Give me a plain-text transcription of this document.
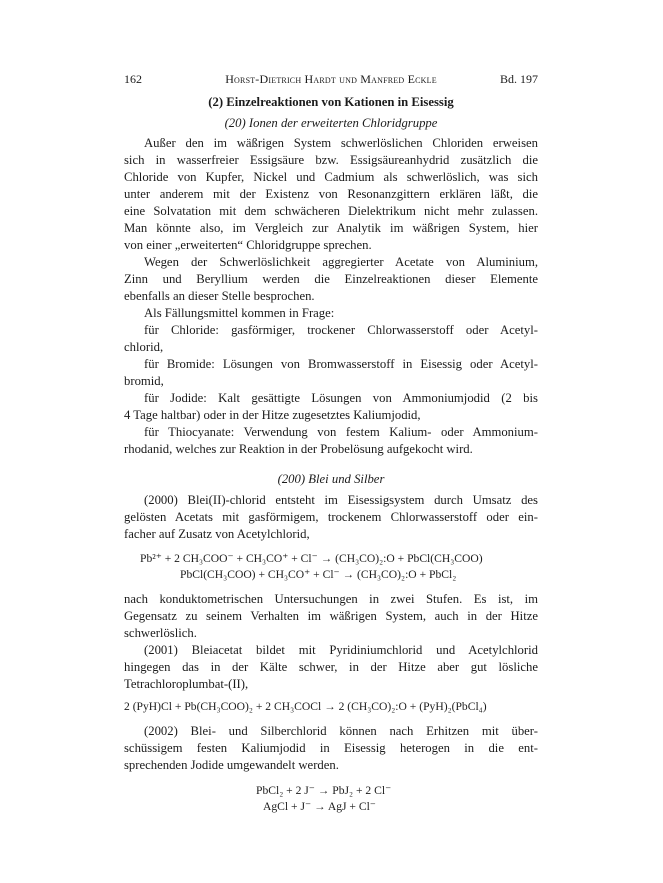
162	Horst-Dietrich Hardt und Manfred Eckle	Bd. 197
(2) Einzelreaktionen von Kationen in Eisessig
(20) Ionen der erweiterten Chloridgruppe
Außer den im wäßrigen System schwerlöslichen Chloriden erweisen
sich in wasserfreier Essigsäure bzw. Essigsäureanhydrid zusätzlich die
Chloride von Kupfer, Nickel und Cadmium als schwerlöslich, was sich
unter anderem mit der Existenz von Resonanzgittern erklären läßt, die
eine Solvatation mit dem schwächeren Dielektrikum nicht mehr zulassen.
Man könnte also, im Vergleich zur Analytik im wäßrigen System, hier
von einer „erweiterten“ Chloridgruppe sprechen.
Wegen der Schwerlöslichkeit aggregierter Acetate von Aluminium,
Zinn und Beryllium werden die Einzelreaktionen dieser Elemente
ebenfalls an dieser Stelle besprochen.
Als Fällungsmittel kommen in Frage:
für Chloride: gasförmiger, trockener Chlorwasserstoff oder Acetyl-
chlorid,
für Bromide: Lösungen von Bromwasserstoff in Eisessig oder Acetyl-
bromid,
für Jodide: Kalt gesättigte Lösungen von Ammoniumjodid (2 bis
4 Tage haltbar) oder in der Hitze zugesetztes Kaliumjodid,
für Thiocyanate: Verwendung von festem Kalium- oder Ammonium-
rhodanid, welches zur Reaktion in der Probelösung aufgekocht wird.
(200) Blei und Silber
(2000) Blei(II)-chlorid entsteht im Eisessigsystem durch Umsatz des
gelösten Acetats mit gasförmigem, trockenem Chlorwasserstoff oder ein-
facher auf Zusatz von Acetylchlorid,
Pb²⁺ + 2 CH₃COO⁻ + CH₃CO⁺ + Cl⁻ → (CH₃CO)₂:O + PbCl(CH₃COO)
PbCl(CH₃COO) + CH₃CO⁺ + Cl⁻ → (CH₃CO)₂:O + PbCl₂
nach konduktometrischen Untersuchungen in zwei Stufen. Es ist, im
Gegensatz zu seinem Verhalten im wäßrigen System, auch in der Hitze
schwerlöslich.
(2001) Bleiacetat bildet mit Pyridiniumchlorid und Acetylchlorid
hingegen das in der Kälte schwer, in der Hitze aber gut lösliche
Tetrachloroplumbat-(II),
2 (PyH)Cl + Pb(CH₃COO)₂ + 2 CH₃COCl → 2 (CH₃CO)₂:O + (PyH)₂(PbCl₄)
(2002) Blei- und Silberchlorid können nach Erhitzen mit über-
schüssigem festen Kaliumjodid in Eisessig heterogen in die ent-
sprechenden Jodide umgewandelt werden.
PbCl₂ + 2 J⁻ → PbJ₂ + 2 Cl⁻
AgCl + J⁻ → AgJ + Cl⁻
